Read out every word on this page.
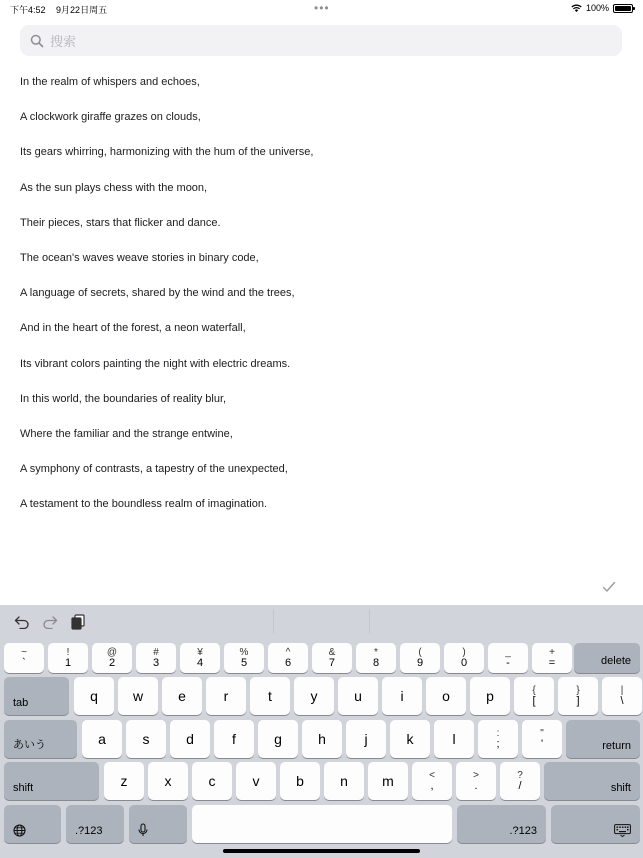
下午4:52 9月22日周五	•••	100%
搜索
In the realm of whispers and echoes,
A clockwork giraffe grazes on clouds,
Its gears whirring, harmonizing with the hum of the universe,
As the sun plays chess with the moon,
Their pieces, stars that flicker and dance.
The ocean's waves weave stories in binary code,
A language of secrets, shared by the wind and the trees,
And in the heart of the forest, a neon waterfall,
Its vibrant colors painting the night with electric dreams.
In this world, the boundaries of reality blur,
Where the familiar and the strange entwine,
A symphony of contrasts, a tapestry of the unexpected,
A testament to the boundless realm of imagination.
~
`
!
1
@
2
#
3
¥
4
%
5
^
6
&
7
*
8
(
9
)
0
_
-
+
=	delete
tab	q	w	e	r	t	y	u	i	o	p	{
[
}
]
|
\
あいう	a	s	d	f	g	h	j	k	l	:
;
"
'	return
shift	z	x	c	v	b	n m	<
,
>
.
?
/	shift
.?123	.?123
